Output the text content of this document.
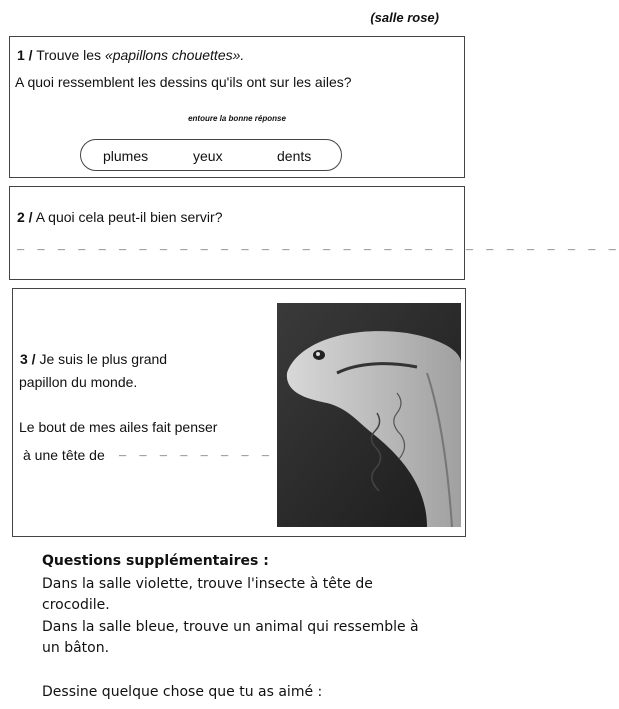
(salle rose)
1 / Trouve les «papillons chouettes».
A quoi ressemblent les dessins qu'ils ont sur les ailes?
entoure la bonne réponse
plumes	yeux	dents
2 / A quoi cela peut-il bien servir?
_ _ _ _ _ _ _ _ _ _ _ _ _ _ _ _ _ _ _ _ _ _ _ _ _ _ _ _ _ _
3 / Je suis le plus grand
papillon du monde.
Le bout de mes ailes fait penser
à une tête de _ _ _ _ _ _ _ _
Questions supplémentaires :
Dans la salle violette, trouve l'insecte à tête de
crocodile.
Dans la salle bleue, trouve un animal qui ressemble à
un bâton.
Dessine quelque chose que tu as aimé :
